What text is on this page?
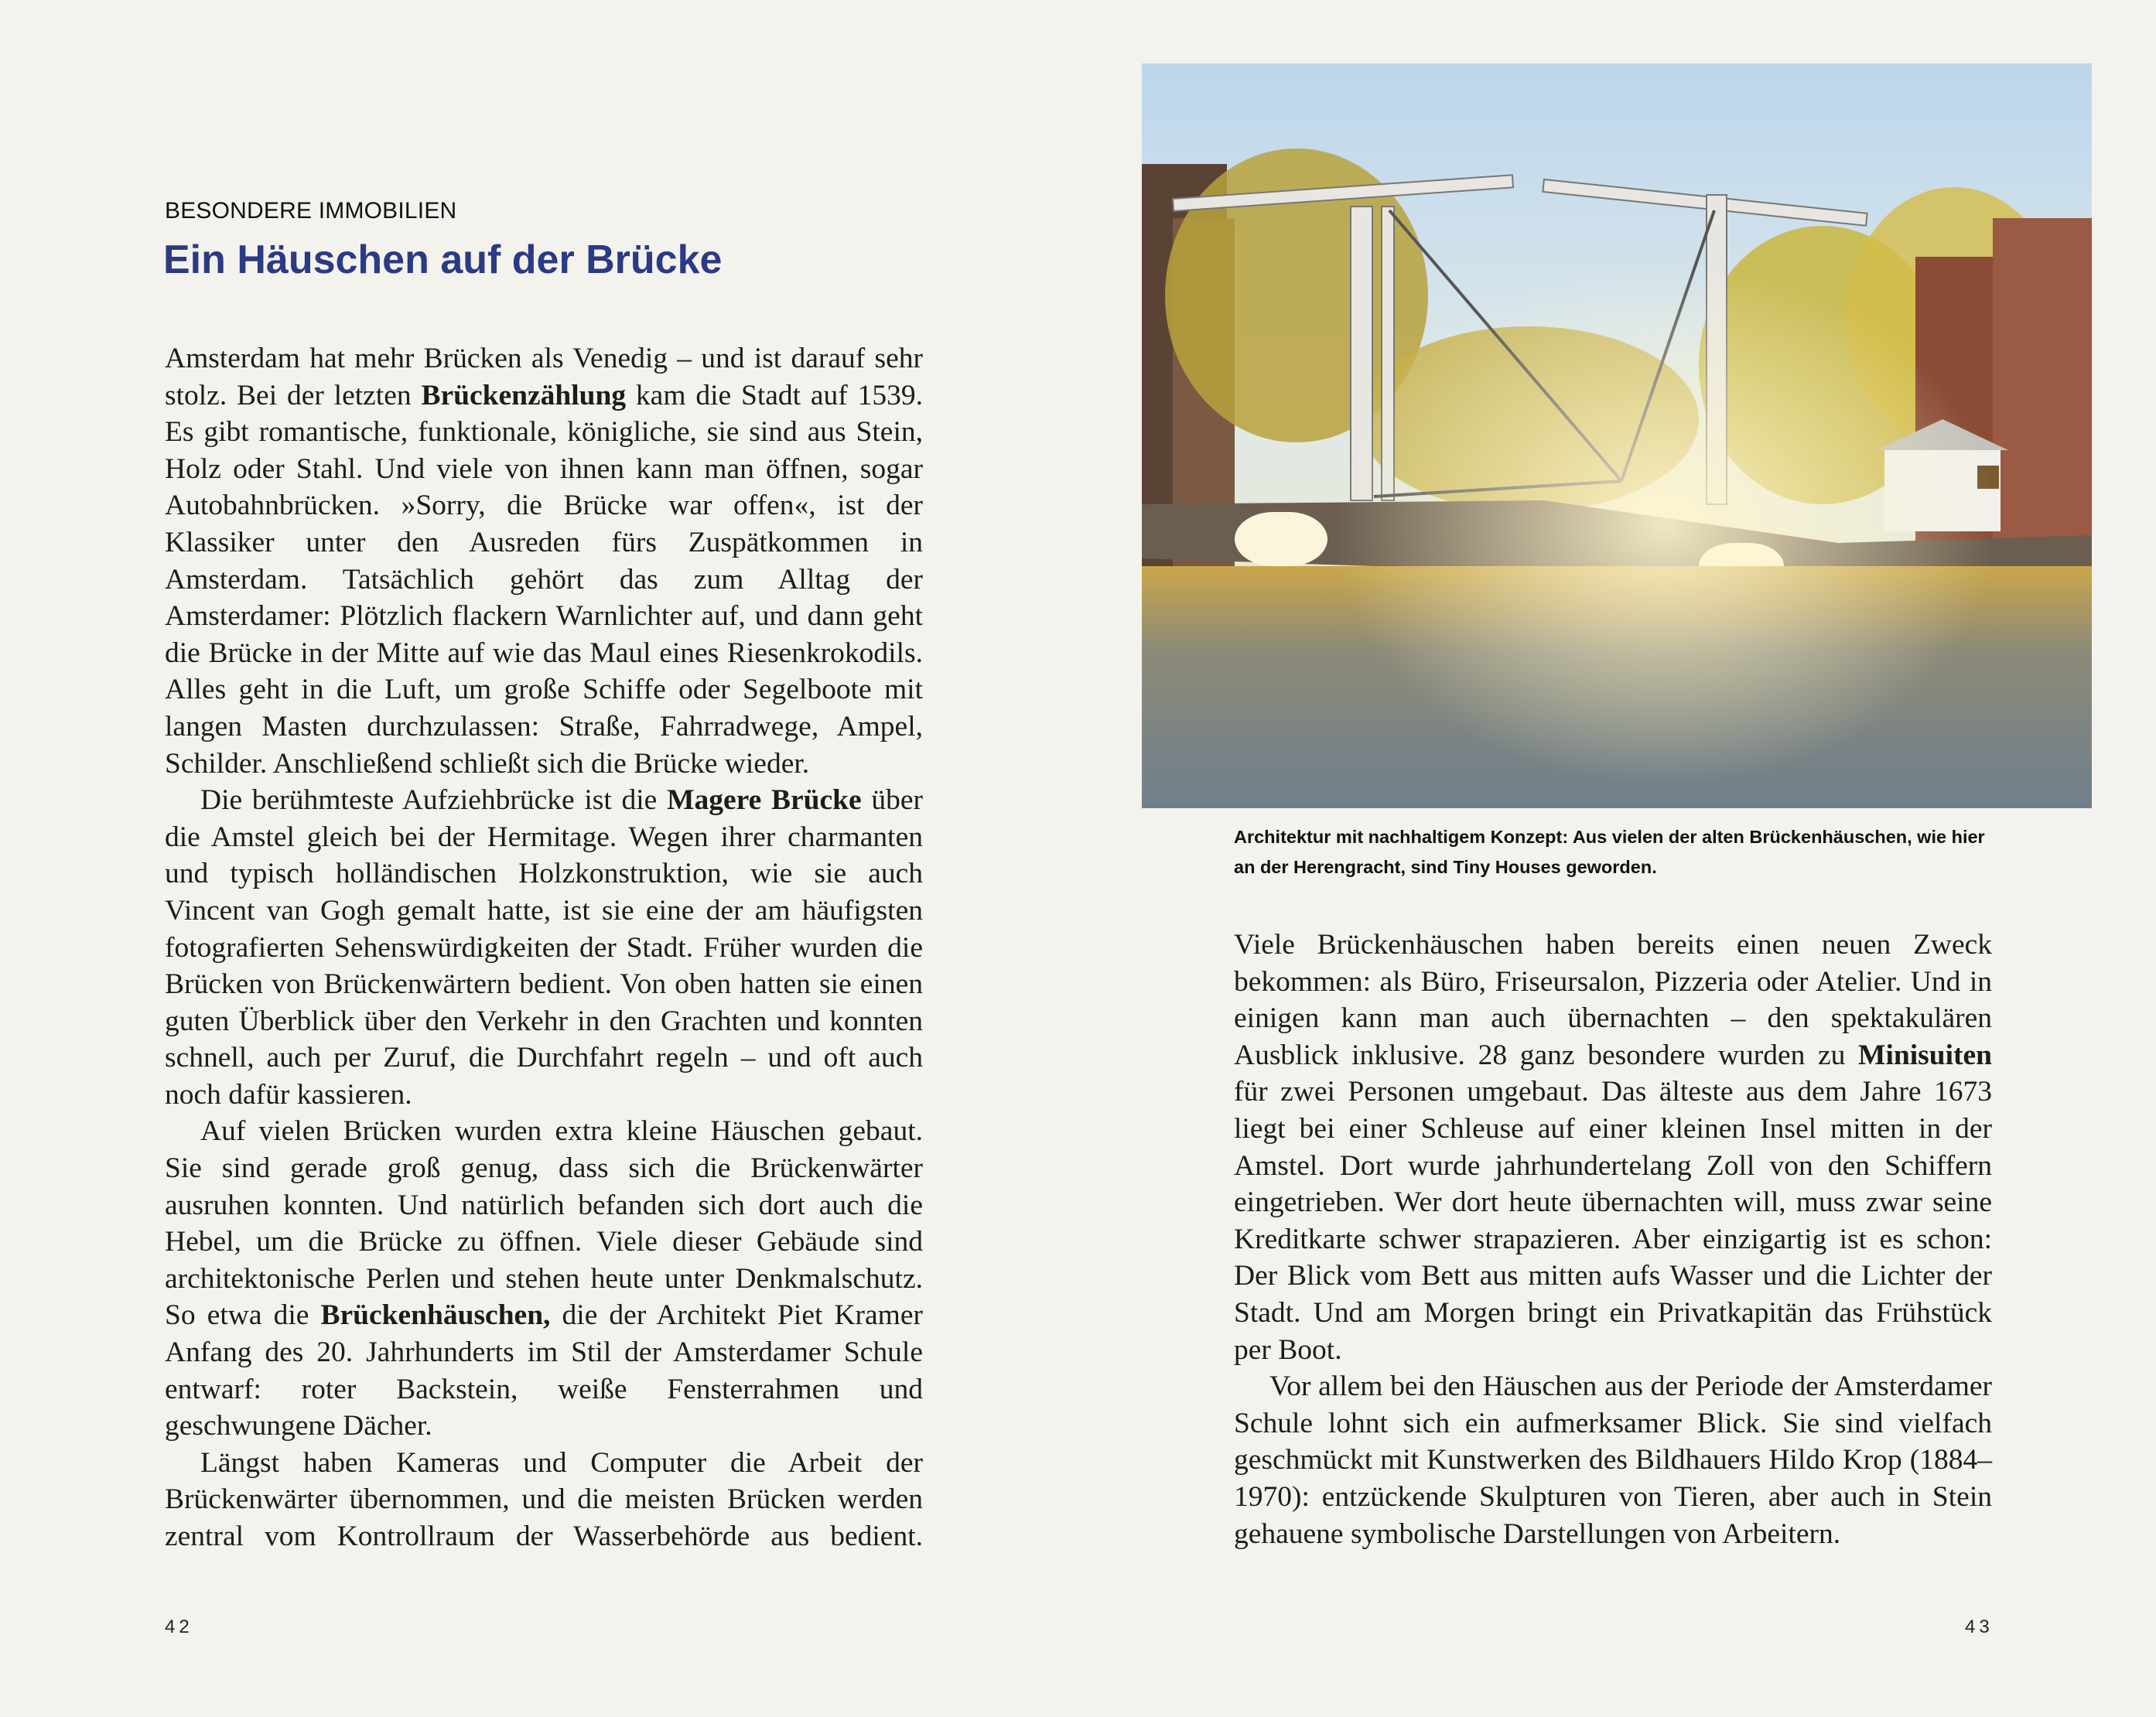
BESONDERE IMMOBILIEN
Ein Häuschen auf der Brücke

Amsterdam hat mehr Brücken als Venedig – und ist darauf sehr stolz. Bei der letzten Brückenzählung kam die Stadt auf 1539. Es gibt romantische, funktionale, königliche, sie sind aus Stein, Holz oder Stahl. Und viele von ihnen kann man öffnen, sogar Autobahnbrücken. »Sorry, die Brücke war offen«, ist der Klassiker unter den Ausreden fürs Zuspätkommen in Amsterdam. Tatsächlich gehört das zum Alltag der Amsterdamer: Plötzlich flackern Warnlichter auf, und dann geht die Brücke in der Mitte auf wie das Maul eines Riesenkrokodils. Alles geht in die Luft, um große Schiffe oder Segelboote mit langen Masten durchzulassen: Straße, Fahrradwege, Ampel, Schilder. Anschließend schließt sich die Brücke wieder.

Die berühmteste Aufziehbrücke ist die Magere Brücke über die Amstel gleich bei der Hermitage. Wegen ihrer charmanten und typisch holländischen Holzkonstruktion, wie sie auch Vincent van Gogh gemalt hatte, ist sie eine der am häufigsten fotografierten Sehenswürdigkeiten der Stadt. Früher wurden die Brücken von Brückenwärtern bedient. Von oben hatten sie einen guten Überblick über den Verkehr in den Grachten und konnten schnell, auch per Zuruf, die Durchfahrt regeln – und oft auch noch dafür kassieren.

Auf vielen Brücken wurden extra kleine Häuschen gebaut. Sie sind gerade groß genug, dass sich die Brückenwärter ausruhen konnten. Und natürlich befanden sich dort auch die Hebel, um die Brücke zu öffnen. Viele dieser Gebäude sind architektonische Perlen und stehen heute unter Denkmalschutz. So etwa die Brückenhäuschen, die der Architekt Piet Kramer Anfang des 20. Jahrhunderts im Stil der Amsterdamer Schule entwarf: roter Backstein, weiße Fensterrahmen und geschwungene Dächer.

Längst haben Kameras und Computer die Arbeit der Brückenwärter übernommen, und die meisten Brücken werden zentral vom Kontrollraum der Wasserbehörde aus bedient.

42
Architektur mit nachhaltigem Konzept: Aus vielen der alten Brückenhäuschen, wie hier an der Herengracht, sind Tiny Houses geworden.

Viele Brückenhäuschen haben bereits einen neuen Zweck bekommen: als Büro, Friseursalon, Pizzeria oder Atelier. Und in einigen kann man auch übernachten – den spektakulären Ausblick inklusive. 28 ganz besondere wurden zu Minisuiten für zwei Personen umgebaut. Das älteste aus dem Jahre 1673 liegt bei einer Schleuse auf einer kleinen Insel mitten in der Amstel. Dort wurde jahrhundertelang Zoll von den Schiffern eingetrieben. Wer dort heute übernachten will, muss zwar seine Kreditkarte schwer strapazieren. Aber einzigartig ist es schon: Der Blick vom Bett aus mitten aufs Wasser und die Lichter der Stadt. Und am Morgen bringt ein Privatkapitän das Frühstück per Boot.

Vor allem bei den Häuschen aus der Periode der Amsterdamer Schule lohnt sich ein aufmerksamer Blick. Sie sind vielfach geschmückt mit Kunstwerken des Bildhauers Hildo Krop (1884–1970): entzückende Skulpturen von Tieren, aber auch in Stein gehauene symbolische Darstellungen von Arbeitern.

43
